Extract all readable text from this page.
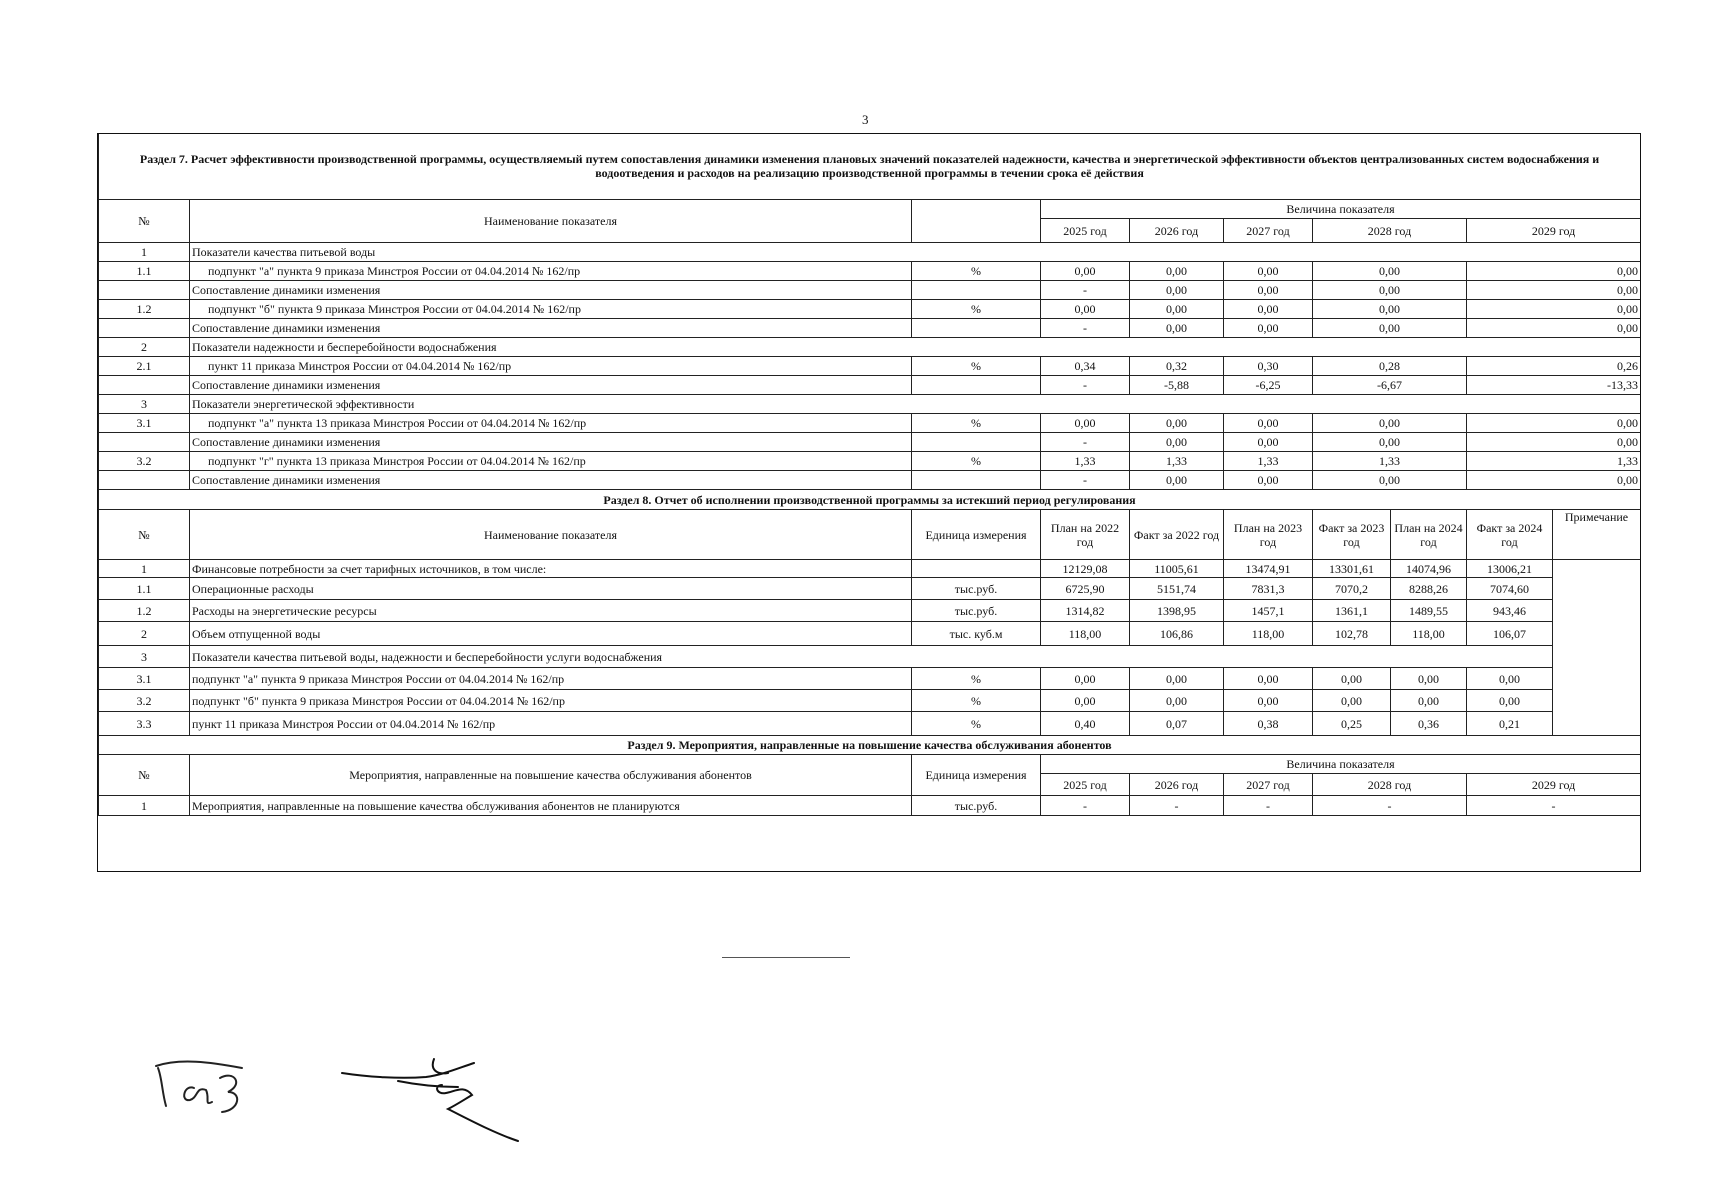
3
Раздел 7. Расчет эффективности производственной программы, осуществляемый путем сопоставления динамики изменения плановых значений показателей надежности, качества и энергетической эффективности объектов централизованных систем водоснабжения и водоотведения и расходов на реализацию производственной программы в течении срока её действия									
№	Наименование показателя		Величина показателя						
			2025 год	2026 год	2027 год	2028 год		2029 год	
1	Показатели качества питьевой воды								
1.1	подпункт "а" пункта 9 приказа Минстроя России от 04.04.2014 № 162/пр	%	0,00	0,00	0,00	0,00		0,00	
	Сопоставление динамики изменения		-	0,00	0,00	0,00		0,00	
1.2	подпункт "б" пункта 9 приказа Минстроя России от 04.04.2014 № 162/пр	%	0,00	0,00	0,00	0,00		0,00	
	Сопоставление динамики изменения		-	0,00	0,00	0,00		0,00	
2	Показатели надежности и бесперебойности водоснабжения								
2.1	пункт 11 приказа Минстроя России от 04.04.2014 № 162/пр	%	0,34	0,32	0,30	0,28		0,26	
	Сопоставление динамики изменения		-	-5,88	-6,25	-6,67		-13,33	
3	Показатели энергетической эффективности								
3.1	подпункт "а" пункта 13 приказа Минстроя России от 04.04.2014 № 162/пр	%	0,00	0,00	0,00	0,00		0,00	
	Сопоставление динамики изменения		-	0,00	0,00	0,00		0,00	
3.2	подпункт "г" пункта 13 приказа Минстроя России от 04.04.2014 № 162/пр	%	1,33	1,33	1,33	1,33		1,33	
	Сопоставление динамики изменения		-	0,00	0,00	0,00		0,00	
Раздел 8. Отчет об исполнении производственной программы за истекший период регулирования									
№	Наименование показателя	Единица измерения	План на 2022 год	Факт за 2022 год	План на 2023 год	Факт за 2023 год	План на 2024 год	Факт за 2024 год	Примечание
1	Финансовые потребности за счет тарифных источников, в том числе:		12129,08	11005,61	13474,91	13301,61	14074,96	13006,21	
1.1	Операционные расходы	тыс.руб.	6725,90	5151,74	7831,3	7070,2	8288,26	7074,60	
1.2	Расходы на энергетические ресурсы	тыс.руб.	1314,82	1398,95	1457,1	1361,1	1489,55	943,46	
2	Объем отпущенной воды	тыс. куб.м	118,00	106,86	118,00	102,78	118,00	106,07	
3	Показатели качества питьевой воды, надежности и бесперебойности услуги водоснабжения								
3.1	подпункт "а" пункта 9 приказа Минстроя России от 04.04.2014 № 162/пр	%	0,00	0,00	0,00	0,00	0,00	0,00	
3.2	подпункт "б" пункта 9 приказа Минстроя России от 04.04.2014 № 162/пр	%	0,00	0,00	0,00	0,00	0,00	0,00	
3.3	пункт 11 приказа Минстроя России от 04.04.2014 № 162/пр	%	0,40	0,07	0,38	0,25	0,36	0,21	
Раздел 9. Мероприятия, направленные на повышение качества обслуживания абонентов									
№	Мероприятия, направленные на повышение качества обслуживания абонентов	Единица измерения	Величина показателя						
			2025 год	2026 год	2027 год	2028 год		2029 год	
1	Мероприятия, направленные на повышение качества обслуживания абонентов не планируются	тыс.руб.	-	-	-	-		-	
